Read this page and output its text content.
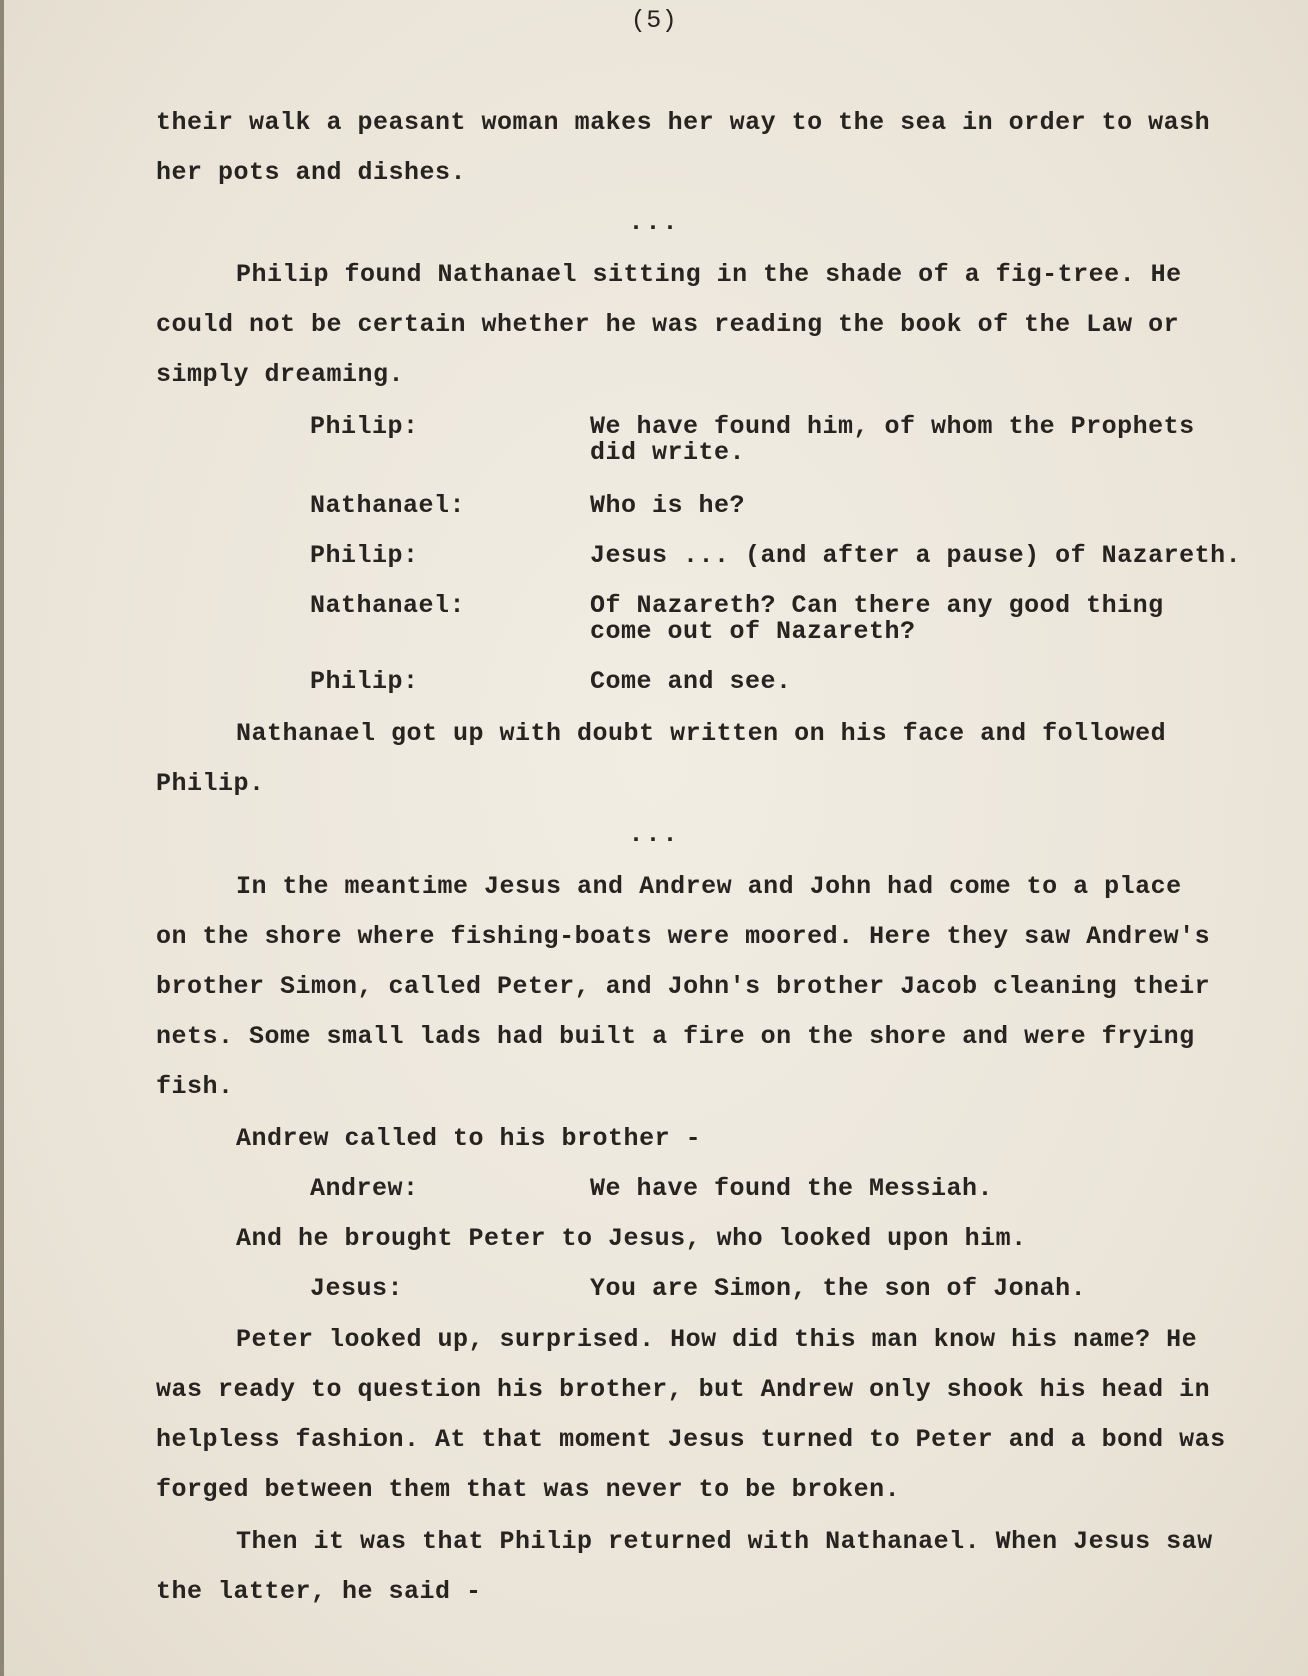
(5)

their walk a peasant woman makes her way to the sea in order to wash

her pots and dishes.

...

Philip found Nathanael sitting in the shade of a fig-tree. He

could not be certain whether he was reading the book of the Law or

simply dreaming.

Philip:	We have found him, of whom the Prophets

did write.

Nathanael:	Who is he?

Philip:	Jesus ... (and after a pause) of Nazareth.

Nathanael:	Of Nazareth? Can there any good thing

come out of Nazareth?

Philip:	Come and see.

Nathanael got up with doubt written on his face and followed

Philip.

...

In the meantime Jesus and Andrew and John had come to a place

on the shore where fishing-boats were moored. Here they saw Andrew's

brother Simon, called Peter, and John's brother Jacob cleaning their

nets. Some small lads had built a fire on the shore and were frying

fish.

Andrew called to his brother -

Andrew:	We have found the Messiah.

And he brought Peter to Jesus, who looked upon him.

Jesus:	You are Simon, the son of Jonah.

Peter looked up, surprised. How did this man know his name? He

was ready to question his brother, but Andrew only shook his head in

helpless fashion. At that moment Jesus turned to Peter and a bond was

forged between them that was never to be broken.

Then it was that Philip returned with Nathanael. When Jesus saw

the latter, he said -
